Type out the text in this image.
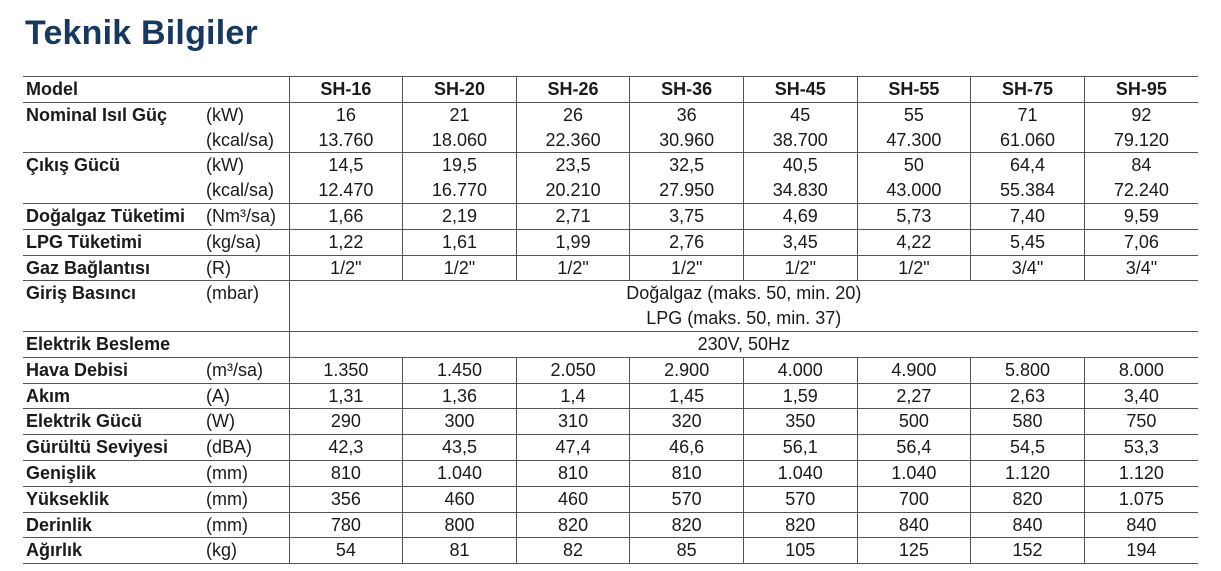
Teknik Bilgiler
Model		SH-16	SH-20	SH-26	SH-36	SH-45	SH-55	SH-75	SH-95
Nominal Isıl Güç	(kW)	16	21	26	36	45	55	71	92
	(kcal/sa)	13.760	18.060	22.360	30.960	38.700	47.300	61.060	79.120
Çıkış Gücü	(kW)	14,5	19,5	23,5	32,5	40,5	50	64,4	84
	(kcal/sa)	12.470	16.770	20.210	27.950	34.830	43.000	55.384	72.240
Doğalgaz Tüketimi	(Nm³/sa)	1,66	2,19	2,71	3,75	4,69	5,73	7,40	9,59
LPG Tüketimi	(kg/sa)	1,22	1,61	1,99	2,76	3,45	4,22	5,45	7,06
Gaz Bağlantısı	(R)	1/2"	1/2"	1/2"	1/2"	1/2"	1/2"	3/4"	3/4"
Giriş Basıncı	(mbar)	Doğalgaz (maks. 50, min. 20)							
		LPG (maks. 50, min. 37)							
Elektrik Besleme		230V, 50Hz							
Hava Debisi	(m³/sa)	1.350	1.450	2.050	2.900	4.000	4.900	5.800	8.000
Akım	(A)	1,31	1,36	1,4	1,45	1,59	2,27	2,63	3,40
Elektrik Gücü	(W)	290	300	310	320	350	500	580	750
Gürültü Seviyesi	(dBA)	42,3	43,5	47,4	46,6	56,1	56,4	54,5	53,3
Genişlik	(mm)	810	1.040	810	810	1.040	1.040	1.120	1.120
Yükseklik	(mm)	356	460	460	570	570	700	820	1.075
Derinlik	(mm)	780	800	820	820	820	840	840	840
Ağırlık	(kg)	54	81	82	85	105	125	152	194
